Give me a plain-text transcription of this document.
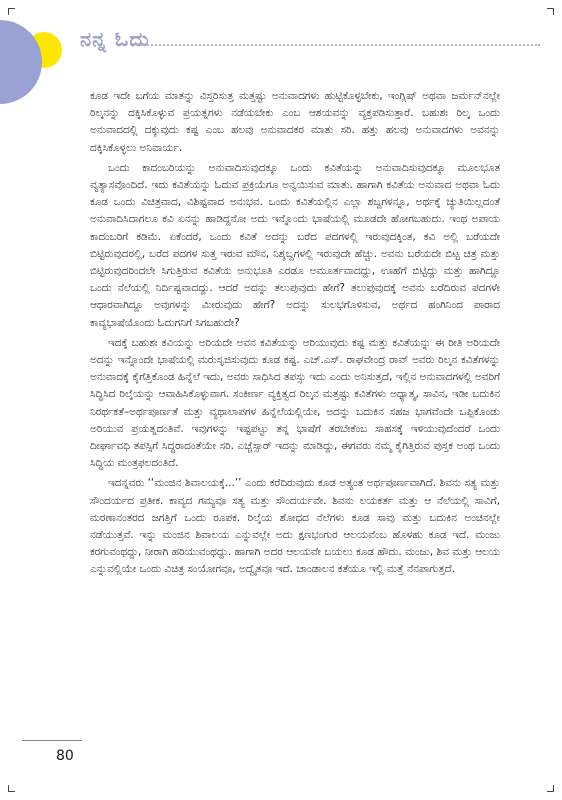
ನನ್ನ ಓದು

ಕೂಡ ಇದೇ ಬಗೆಯ ಮಾತನ್ನು ವಿಸ್ತರಿಸುತ್ತ ಮತ್ತಷ್ಟು ಅನುವಾದಗಳು ಹುಟ್ಟಿಕೊಳ್ಳಬೇಕು, ಇಂಗ್ಲಿಷ್ ಅಥವಾ ಜರ್ಮನ್‌ನಲ್ಲೇ ರಿಲ್ಕನನ್ನು ದಕ್ಕಿಸಿಕೊಳ್ಳುವ ಪ್ರಯತ್ನಗಳು ನಡೆಯಬೇಕು ಎಂಬ ಆಶಯವನ್ನು ವ್ಯಕ್ತಪಡಿಸುತ್ತಾರೆ. ಬಹುಶಃ ರಿಲ್ಕ ಒಂದು ಅನುವಾದದಲ್ಲಿ ದಕ್ಕುವುದು ಕಷ್ಟ ಎಂಬ ಹಲವು ಅನುವಾದಕರ ಮಾತು ಸರಿ. ಹತ್ತು ಹಲವು ಅನುವಾದಗಳು ಅವನನ್ನು ದಕ್ಕಿಸಿಕೊಳ್ಳಲು ಅನಿವಾರ್ಯ.

ಒಂದು ಕಾದಂಬರಿಯನ್ನು ಅನುವಾದಿಸುವುದಕ್ಕೂ ಒಂದು ಕವಿತೆಯನ್ನು ಅನುವಾದಿಸುವುದಕ್ಕೂ ಮೂಲಭೂತ ವ್ಯತ್ಯಾಸವೊಂದಿದೆ. ಇದು ಕವಿತೆಯನ್ನು ಓದುವ ಪ್ರಕ್ರಿಯೆಗೂ ಅನ್ವಯಿಸುವ ಮಾತು. ಹಾಗಾಗಿ ಕವಿತೆಯ ಅನುವಾದ ಅಥವಾ ಓದು ಕೂಡ ಒಂದು ವಿಚಿತ್ರವಾದ, ವಿಶಿಷ್ಟವಾದ ಅನುಭವ. ಒಂದು ಕವಿತೆಯಲ್ಲಿನ ಎಲ್ಲಾ ಶಬ್ದಗಳನ್ನೂ, ಅರ್ಥಕ್ಕೆ ಚ್ಯುತಿಯಿಲ್ಲದಂತೆ ಅನುವಾದಿಸಿದಾಗಲೂ ಕವಿ ಏನನ್ನು ಹಾಡಿದ್ದನೋ ಅದು ಇನ್ನೊಂದು ಭಾಷೆಯಲ್ಲಿ ಮೂಡದೇ ಹೋಗಬಹುದು. ಇಂಥ ಅಪಾಯ ಕಾದಂಬರಿಗೆ ಕಡಿಮೆ. ಏಕೆಂದರೆ, ಒಂದು ಕವಿತೆ ಅದನ್ನು ಬರೆದ ಪದಗಳಲ್ಲಿ ಇರುವುದಕ್ಕಿಂತ, ಕವಿ ಅಲ್ಲಿ ಬರೆಯದೇ ಬಿಟ್ಟಿರುವುದರಲ್ಲಿ, ಬರೆದ ಪದಗಳ ಸುತ್ತ ಇರುವ ಮೌನ, ನಿಶ್ಶಬ್ದಗಳಲ್ಲಿ ಇರುವುದೇ ಹೆಚ್ಚು. ಅವನು ಬರೆಯದೇ ಬಿಟ್ಟ ಚಿತ್ರ ಮತ್ತು ಬಿಟ್ಟಿರುವುದರಿಂದಲೇ ಸಿಗುತ್ತಿರುವ ಕವಿತೆಯ ಅನುಭೂತಿ ಎರಡೂ ಅಮೂರ್ತವಾದದ್ದು, ಊಹೆಗೆ ಬಿಟ್ಟಿದ್ದು ಮತ್ತು ಹಾಗಿದ್ದೂ ಒಂದು ನೆಲೆಯಲ್ಲಿ ನಿರ್ದಿಷ್ಟವಾದದ್ದು. ಆದರೆ ಅದನ್ನು ತಲುಪುವುದು ಹೇಗೆ? ತಲುಪುವುದಕ್ಕೆ ಅವನು ಬರೆದಿರುವ ಪದಗಳೇ ಆಧಾರವಾಗಿದ್ದೂ ಅವುಗಳನ್ನು ಮೀರುವುದು ಹೇಗೆ? ಅದನ್ನು ಸುಲಭಗೊಳಿಸುವ, ಅರ್ಥದ ಹಂಗಿನಿಂದ ಪಾರಾದ ಕಾವ್ಯಭಾಷೆಯೊಂದು ಓದುಗನಿಗೆ ಸಿಗಬಹುದೇ?

ಇದಕ್ಕೆ ಬಹುಶಃ ಕವಿಯನ್ನು ಅರಿಯದೇ ಅವನ ಕವಿತೆಯನ್ನು ಅರಿಯುವುದು ಕಷ್ಟ ಮತ್ತು ಕವಿತೆಯನ್ನು ಈ ರೀತಿ ಅರಿಯದೇ ಅದನ್ನು ಇನ್ನೊಂದೇ ಭಾಷೆಯಲ್ಲಿ ಮರುಸೃಜಿಸುವುದು ಕೂಡ ಕಷ್ಟ. ಎಚ್.ಎಸ್. ರಾಘವೇಂದ್ರ ರಾವ್ ಅವರು ರಿಲ್ಕನ ಕವಿತೆಗಳನ್ನು ಅನುವಾದಕ್ಕೆ ಕೈಗೆತ್ತಿಕೊಂಡ ಹಿನ್ನೆಲೆ ಇದು, ಅವರು ಸಾಧಿಸಿದ ತಪಸ್ಸು ಇದು ಎಂದು ಅನಿಸುತ್ತದೆ, ಇಲ್ಲಿನ ಅನುವಾದಗಳಲ್ಲಿ ಅವರಿಗೆ ಸಿದ್ಧಿಸಿದ ರಿಲ್ಕೆಯನ್ನು ಆವಾಹಿಸಿಕೊಳ್ಳುವಾಗ. ಸಂಕೀರ್ಣ ವ್ಯಕ್ತಿತ್ವದ ರಿಲ್ಕನ ಮತ್ತಷ್ಟು ಕವಿತೆಗಳು ಅಧ್ಯಾತ್ಮ, ಸಾವಿನ, ಇಡೀ ಬದುಕಿನ ನಿರರ್ಥಕತೆ–ಅರ್ಥಪೂರ್ಣತೆ ಮತ್ತು ವ್ಯಥಾಲಾಪಗಳ ಹಿನ್ನೆಲೆಯಲ್ಲಿಯೇ, ಅದನ್ನು ಬದುಕಿನ ಸಹಜ ಭಾಗವೆಂದೇ ಒಪ್ಪಿಕೊಂಡು ಅರಿಯುವ ಪ್ರಯತ್ನದಂತಿವೆ. ಇವುಗಳನ್ನು ಇಷ್ಟಪಟ್ಟು ತನ್ನ ಭಾಷೆಗೆ ತರಬೇಕೆಂಬ ಸಾಹಸಕ್ಕೆ ಇಳಿಯುವುದೆಂದರೆ ಒಂದು ದೀರ್ಘಾವಧಿ ತಪಸ್ಸಿಗೆ ಸಿದ್ಧರಾದಂತೆಯೇ ಸರಿ. ಎಚ್ಚೆಸ್ಸಾರ್ ಇದನ್ನು ಮಾಡಿದ್ದು, ಈಗವರು ನಮ್ಮ ಕೈಗಿತ್ತಿರುವ ಪುಸ್ತಕ ಅಂಥ ಒಂದು ಸಿದ್ಧಿಯ ಮಂತ್ರಫಲದಂತಿದೆ.

ಇದನ್ನವರು ‘‘ಮಂಜಿನ ಶಿವಾಲಯಕ್ಕೆ...’’ ಎಂದು ಕರೆದಿರುವುದು ಕೂಡ ಅತ್ಯಂತ ಅರ್ಥಪೂರ್ಣವಾಗಿದೆ. ಶಿವನು ಸತ್ಯ ಮತ್ತು ಸೌಂದರ್ಯದ ಪ್ರತೀಕ. ಕಾವ್ಯದ ಗಮ್ಯವೂ ಸತ್ಯ ಮತ್ತು ಸೌಂದರ್ಯವೇ. ಶಿವನು ಲಯಕರ್ತ ಮತ್ತು ಆ ನೆಲೆಯಲ್ಲಿ ಸಾವಿಗೆ, ಮರಣಾನಂತರದ ಜಗತ್ತಿಗೆ ಒಂದು ರೂಪಕ. ರಿಲ್ಕೆಯ ಶೋಧದ ನೆಲೆಗಳು ಕೂಡ ಸಾವು ಮತ್ತು ಬದುಕಿನ ಅಂಚಿನಲ್ಲೇ ನಡೆಯುತ್ತವೆ. ಇನ್ನು ಮಂಜಿನ ಶಿವಾಲಯ ಎನ್ನುವಲ್ಲೇ ಅದು ಕ್ಷಣಭಂಗುರ ಆಲಯವೆಂಬ ಹೊಳಹು ಕೂಡ ಇದೆ. ಮಂಜು ಕರಗುವಂಥದ್ದು, ನೀರಾಗಿ ಹರಿಯುವಂಥದ್ದು. ಹಾಗಾಗಿ ಅದರ ಆಲಯವೇ ಬಯಲು ಕೂಡ ಹೌದು. ಮಂಜು, ಶಿವ ಮತ್ತು ಆಲಯ ಎನ್ನುವಲ್ಲಿಯೇ ಒಂದು ವಿಚಿತ್ರ ಸಂಯೋಗವೂ, ಅದ್ವೈತವೂ ಇದೆ. ಚಾಂಡಾಲನ ಕತೆಯೂ ಇಲ್ಲಿ ಮತ್ತೆ ನೆನಪಾಗುತ್ತದೆ.

80
